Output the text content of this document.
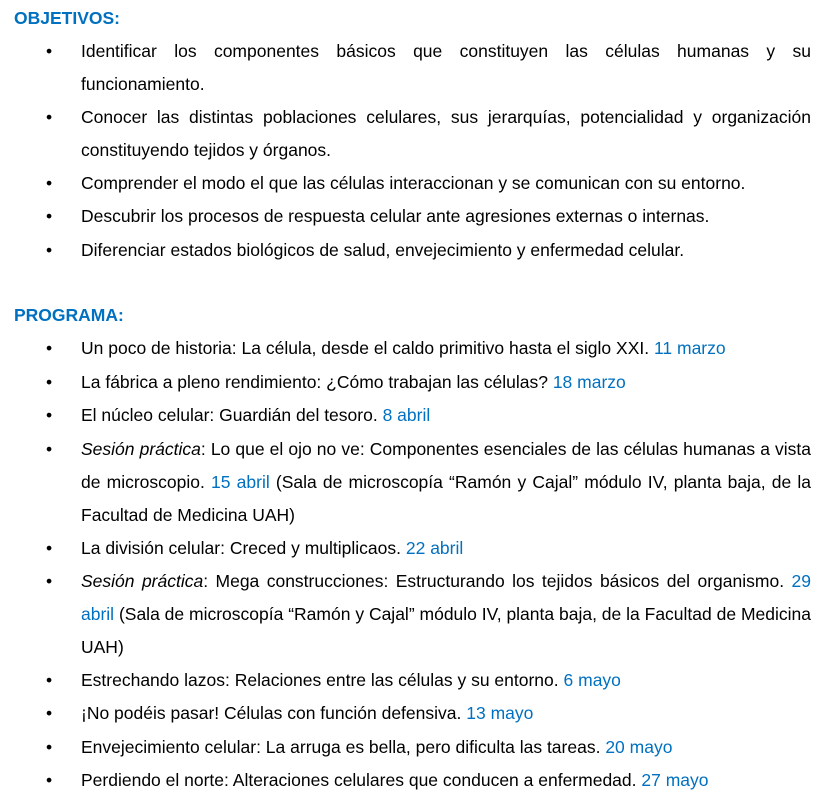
OBJETIVOS:
• Identificar los componentes básicos que constituyen las células humanas y su funcionamiento.
• Conocer las distintas poblaciones celulares, sus jerarquías, potencialidad y organización constituyendo tejidos y órganos.
• Comprender el modo el que las células interaccionan y se comunican con su entorno.
• Descubrir los procesos de respuesta celular ante agresiones externas o internas.
• Diferenciar estados biológicos de salud, envejecimiento y enfermedad celular.
PROGRAMA:
• Un poco de historia: La célula, desde el caldo primitivo hasta el siglo XXI. 11 marzo
• La fábrica a pleno rendimiento: ¿Cómo trabajan las células? 18 marzo
• El núcleo celular: Guardián del tesoro. 8 abril
• Sesión práctica: Lo que el ojo no ve: Componentes esenciales de las células humanas a vista de microscopio. 15 abril (Sala de microscopía “Ramón y Cajal” módulo IV, planta baja, de la Facultad de Medicina UAH)
• La división celular: Creced y multiplicaos. 22 abril
• Sesión práctica: Mega construcciones: Estructurando los tejidos básicos del organismo. 29 abril (Sala de microscopía “Ramón y Cajal” módulo IV, planta baja, de la Facultad de Medicina UAH)
• Estrechando lazos: Relaciones entre las células y su entorno. 6 mayo
• ¡No podéis pasar! Células con función defensiva. 13 mayo
• Envejecimiento celular: La arruga es bella, pero dificulta las tareas. 20 mayo
• Perdiendo el norte: Alteraciones celulares que conducen a enfermedad. 27 mayo
